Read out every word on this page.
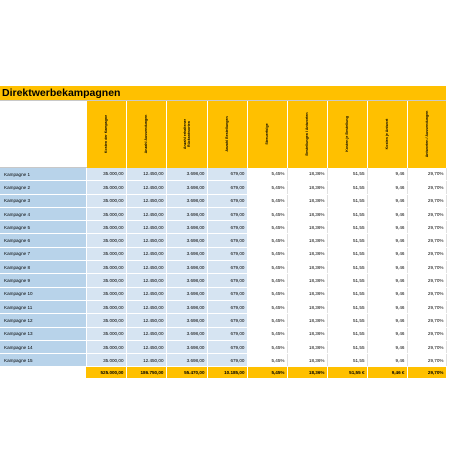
Direktwerbekampagnen

	Kosten der Kampagne	Anzahl Aussendungen	Anzahl erhaltener Rückantworten	Anzahl Bestellungen	Streuerfolge	Bestellungen / Antworten	Kosten je Bestellung	Kosten je Antwort	Antworten / Aussendungen

Kampagne 1	35.000,00	12.450,00	3.698,00	679,00	5,45%	18,36%	51,55	9,46	29,70%
Kampagne 2	35.000,00	12.450,00	3.698,00	679,00	5,45%	18,36%	51,55	9,46	29,70%
Kampagne 3	35.000,00	12.450,00	3.698,00	679,00	5,45%	18,36%	51,55	9,46	29,70%
Kampagne 4	35.000,00	12.450,00	3.698,00	679,00	5,45%	18,36%	51,55	9,46	29,70%
Kampagne 5	35.000,00	12.450,00	3.698,00	679,00	5,45%	18,36%	51,55	9,46	29,70%
Kampagne 6	35.000,00	12.450,00	3.698,00	679,00	5,45%	18,36%	51,55	9,46	29,70%
Kampagne 7	35.000,00	12.450,00	3.698,00	679,00	5,45%	18,36%	51,55	9,46	29,70%
Kampagne 8	35.000,00	12.450,00	3.698,00	679,00	5,45%	18,36%	51,55	9,46	29,70%
Kampagne 9	35.000,00	12.450,00	3.698,00	679,00	5,45%	18,36%	51,55	9,46	29,70%
Kampagne 10	35.000,00	12.450,00	3.698,00	679,00	5,45%	18,36%	51,55	9,46	29,70%
Kampagne 11	35.000,00	12.450,00	3.698,00	679,00	5,45%	18,36%	51,55	9,46	29,70%
Kampagne 12	35.000,00	12.450,00	3.698,00	679,00	5,45%	18,36%	51,55	9,46	29,70%
Kampagne 13	35.000,00	12.450,00	3.698,00	679,00	5,45%	18,36%	51,55	9,46	29,70%
Kampagne 14	35.000,00	12.450,00	3.698,00	679,00	5,45%	18,36%	51,55	9,46	29,70%
Kampagne 15	35.000,00	12.450,00	3.698,00	679,00	5,45%	18,36%	51,55	9,46	29,70%
	525.000,00	186.750,00	55.470,00	10.185,00	5,45%	18,36%	51,55 €	9,46 €	29,70%
